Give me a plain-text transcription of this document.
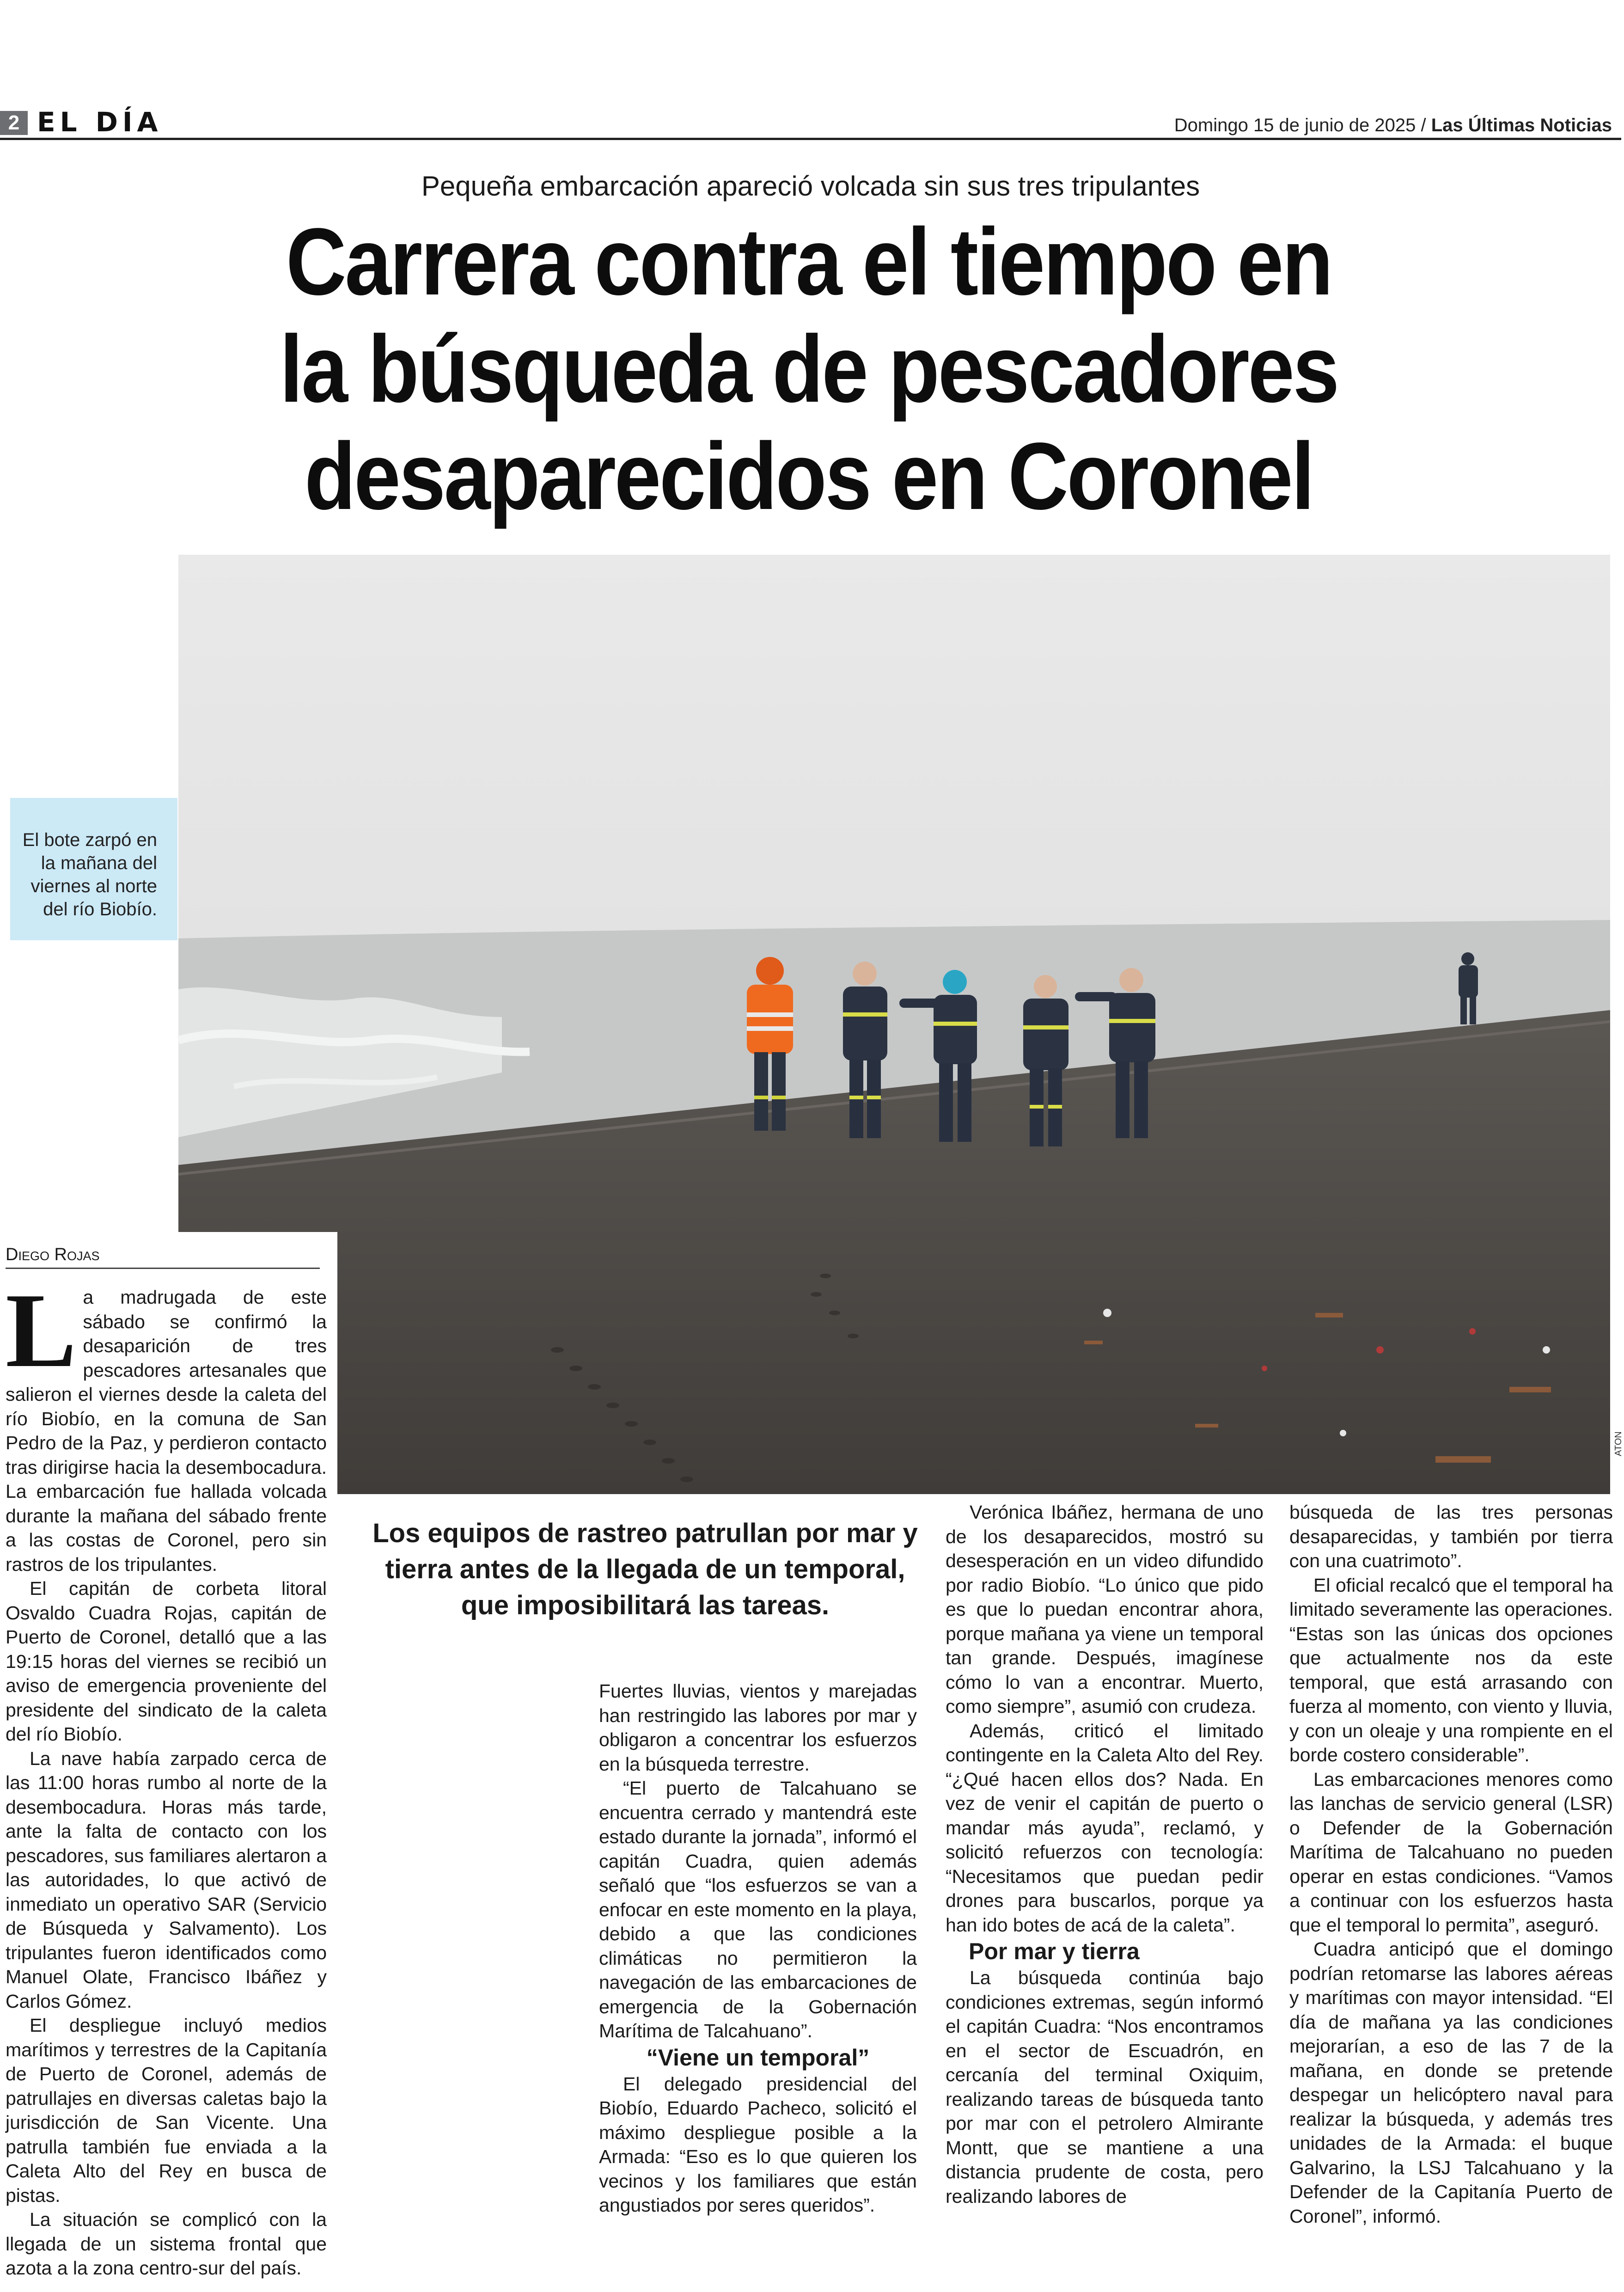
2 EL DÍA	Domingo 15 de junio de 2025 / Las Últimas Noticias
Pequeña embarcación apareció volcada sin sus tres tripulantes
Carrera contra el tiempo en
la búsqueda de pescadores
desaparecidos en Coronel
ATON
El bote zarpó en la mañana del viernes al norte del río Biobío.
Diego Rojas

La madrugada de este sábado se confirmó la desaparición de tres pescadores artesanales que salieron el viernes desde la caleta del río Biobío, en la comuna de San Pedro de la Paz, y perdieron contacto tras dirigirse hacia la desembocadura. La embarcación fue hallada volcada durante la mañana del sábado frente a las costas de Coronel, pero sin rastros de los tripulantes.

El capitán de corbeta litoral Osvaldo Cuadra Rojas, capitán de Puerto de Coronel, detalló que a las 19:15 horas del viernes se recibió un aviso de emergencia proveniente del presidente del sindicato de la caleta del río Biobío.

La nave había zarpado cerca de las 11:00 horas rumbo al norte de la desembocadura. Horas más tarde, ante la falta de contacto con los pescadores, sus familiares alertaron a las autoridades, lo que activó de inmediato un operativo SAR (Servicio de Búsqueda y Salvamento). Los tripulantes fueron identificados como Manuel Olate, Francisco Ibáñez y Carlos Gómez.

El despliegue incluyó medios marítimos y terrestres de la Capitanía de Puerto de Coronel, además de patrullajes en diversas caletas bajo la jurisdicción de San Vicente. Una patrulla también fue enviada a la Caleta Alto del Rey en busca de pistas.

La situación se complicó con la llegada de un sistema frontal que azota a la zona centro-sur del país.

Los equipos de rastreo patrullan por mar y tierra antes de la llegada de un temporal, que imposibilitará las tareas.

Fuertes lluvias, vientos y marejadas han restringido las labores por mar y obligaron a concentrar los esfuerzos en la búsqueda terrestre.

“El puerto de Talcahuano se encuentra cerrado y mantendrá este estado durante la jornada”, informó el capitán Cuadra, quien además señaló que “los esfuerzos se van a enfocar en este momento en la playa, debido a que las condiciones climáticas no permitieron la navegación de las embarcaciones de emergencia de la Gobernación Marítima de Talcahuano”.

“Viene un temporal”

El delegado presidencial del Biobío, Eduardo Pacheco, solicitó el máximo despliegue posible a la Armada: “Eso es lo que quieren los vecinos y los familiares que están angustiados por seres queridos”.

Verónica Ibáñez, hermana de uno de los desaparecidos, mostró su desesperación en un video difundido por radio Biobío. “Lo único que pido es que lo puedan encontrar ahora, porque mañana ya viene un temporal tan grande. Después, imagínese cómo lo van a encontrar. Muerto, como siempre”, asumió con crudeza.

Además, criticó el limitado contingente en la Caleta Alto del Rey. “¿Qué hacen ellos dos? Nada. En vez de venir el capitán de puerto o mandar más ayuda”, reclamó, y solicitó refuerzos con tecnología: “Necesitamos que puedan pedir drones para buscarlos, porque ya han ido botes de acá de la caleta”.

Por mar y tierra

La búsqueda continúa bajo condiciones extremas, según informó el capitán Cuadra: “Nos encontramos en el sector de Escuadrón, en cercanía del terminal Oxiquim, realizando tareas de búsqueda tanto por mar con el petrolero Almirante Montt, que se mantiene a una distancia prudente de costa, pero realizando labores de

búsqueda de las tres personas desaparecidas, y también por tierra con una cuatrimoto”.

El oficial recalcó que el temporal ha limitado severamente las operaciones. “Estas son las únicas dos opciones que actualmente nos da este temporal, que está arrasando con fuerza al momento, con viento y lluvia, y con un oleaje y una rompiente en el borde costero considerable”.

Las embarcaciones menores como las lanchas de servicio general (LSR) o Defender de la Gobernación Marítima de Talcahuano no pueden operar en estas condiciones. “Vamos a continuar con los esfuerzos hasta que el temporal lo permita”, aseguró.

Cuadra anticipó que el domingo podrían retomarse las labores aéreas y marítimas con mayor intensidad. “El día de mañana ya las condiciones mejorarían, a eso de las 7 de la mañana, en donde se pretende despegar un helicóptero naval para realizar la búsqueda, y además tres unidades de la Armada: el buque Galvarino, la LSJ Talcahuano y la Defender de la Capitanía Puerto de Coronel”, informó.
